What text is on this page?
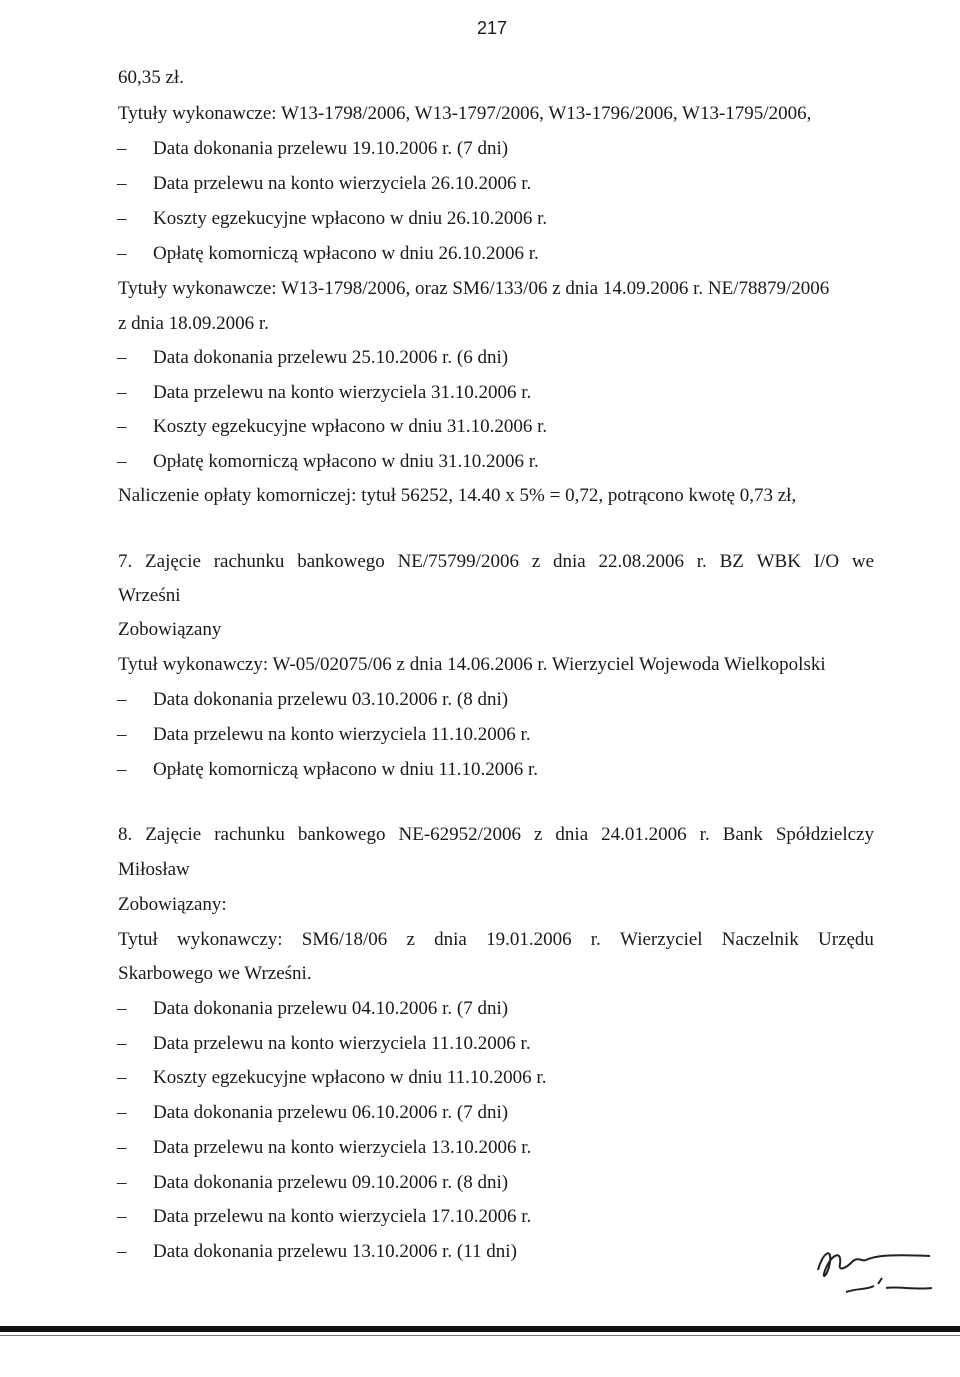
217
60,35 zł.
Tytuły wykonawcze: W13-1798/2006, W13-1797/2006, W13-1796/2006, W13-1795/2006,
–	Data dokonania przelewu 19.10.2006 r. (7 dni)
–	Data przelewu na konto wierzyciela 26.10.2006 r.
–	Koszty egzekucyjne wpłacono w dniu 26.10.2006 r.
–	Opłatę komorniczą wpłacono w dniu 26.10.2006 r.
Tytuły wykonawcze: W13-1798/2006, oraz SM6/133/06 z dnia 14.09.2006 r. NE/78879/2006
z dnia 18.09.2006 r.
–	Data dokonania przelewu 25.10.2006 r. (6 dni)
–	Data przelewu na konto wierzyciela 31.10.2006 r.
–	Koszty egzekucyjne wpłacono w dniu 31.10.2006 r.
–	Opłatę komorniczą wpłacono w dniu 31.10.2006 r.
Naliczenie opłaty komorniczej: tytuł 56252, 14.40 x 5% = 0,72, potrącono kwotę 0,73 zł,
7. Zajęcie rachunku bankowego NE/75799/2006 z dnia 22.08.2006 r. BZ WBK I/O we
Wrześni
Zobowiązany
Tytuł wykonawczy: W-05/02075/06 z dnia 14.06.2006 r. Wierzyciel Wojewoda Wielkopolski
–	Data dokonania przelewu 03.10.2006 r. (8 dni)
–	Data przelewu na konto wierzyciela 11.10.2006 r.
–	Opłatę komorniczą wpłacono w dniu 11.10.2006 r.
8. Zajęcie rachunku bankowego NE-62952/2006 z dnia 24.01.2006 r. Bank Spółdzielczy
Miłosław
Zobowiązany:
Tytuł wykonawczy: SM6/18/06 z dnia 19.01.2006 r. Wierzyciel Naczelnik Urzędu
Skarbowego we Wrześni.
–	Data dokonania przelewu 04.10.2006 r. (7 dni)
–	Data przelewu na konto wierzyciela 11.10.2006 r.
–	Koszty egzekucyjne wpłacono w dniu 11.10.2006 r.
–	Data dokonania przelewu 06.10.2006 r. (7 dni)
–	Data przelewu na konto wierzyciela 13.10.2006 r.
–	Data dokonania przelewu 09.10.2006 r. (8 dni)
–	Data przelewu na konto wierzyciela 17.10.2006 r.
–	Data dokonania przelewu 13.10.2006 r. (11 dni)
